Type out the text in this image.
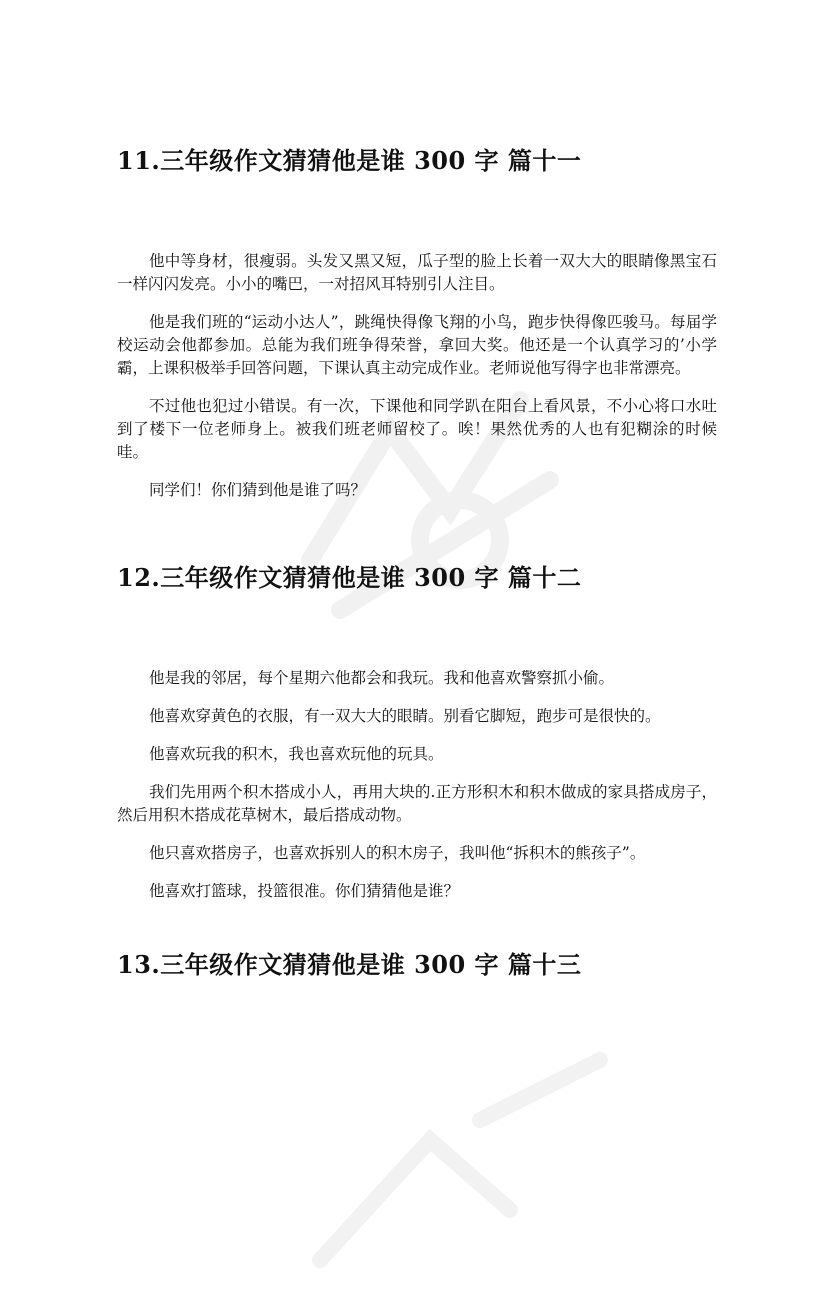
11.三年级作文猜猜他是谁 300 字 篇十一

他中等身材，很瘦弱。头发又黑又短，瓜子型的脸上长着一双大大的眼睛像黑宝石一样闪闪发亮。小小的嘴巴，一对招风耳特别引人注目。

他是我们班的“运动小达人”，跳绳快得像飞翔的小鸟，跑步快得像匹骏马。每届学校运动会他都参加。总能为我们班争得荣誉，拿回大奖。他还是一个认真学习的’小学霸，上课积极举手回答问题，下课认真主动完成作业。老师说他写得字也非常漂亮。

不过他也犯过小错误。有一次，下课他和同学趴在阳台上看风景，不小心将口水吐到了楼下一位老师身上。被我们班老师留校了。唉！果然优秀的人也有犯糊涂的时候哇。

同学们！你们猜到他是谁了吗？

12.三年级作文猜猜他是谁 300 字 篇十二

他是我的邻居，每个星期六他都会和我玩。我和他喜欢警察抓小偷。

他喜欢穿黄色的衣服，有一双大大的眼睛。别看它脚短，跑步可是很快的。

他喜欢玩我的积木，我也喜欢玩他的玩具。

我们先用两个积木搭成小人，再用大块的.正方形积木和积木做成的家具搭成房子，然后用积木搭成花草树木，最后搭成动物。

他只喜欢搭房子，也喜欢拆别人的积木房子，我叫他“拆积木的熊孩子”。

他喜欢打篮球，投篮很准。你们猜猜他是谁？

13.三年级作文猜猜他是谁 300 字 篇十三
